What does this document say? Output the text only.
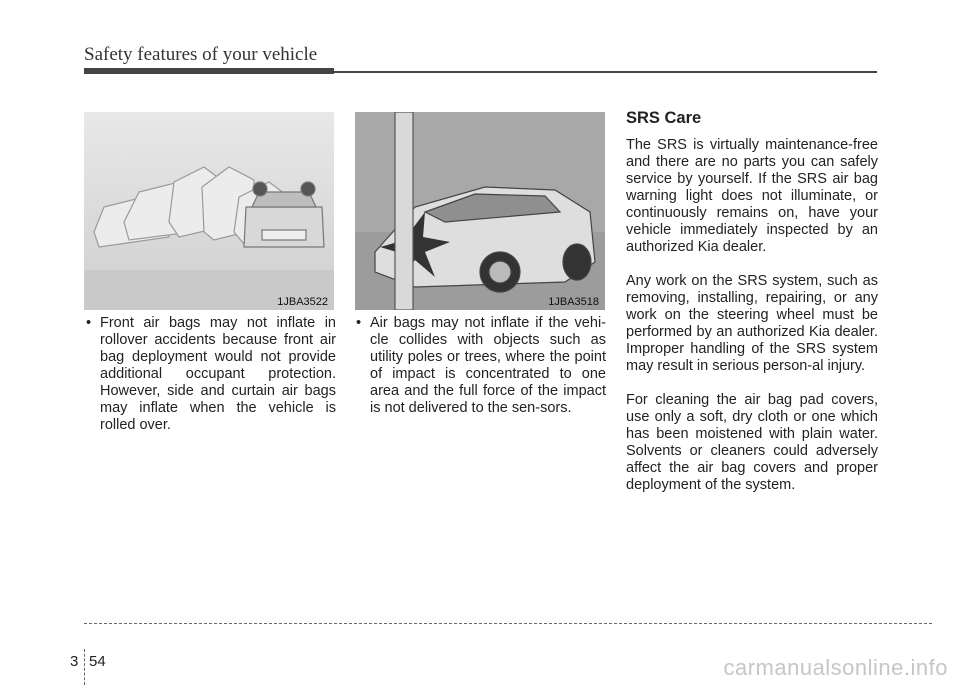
Safety features of your vehicle
1JBA3522	1JBA3518
• Front air bags may not inflate in rollover accidents because front air bag deployment would not provide additional occupant protection. However, side and curtain air bags may inflate when the vehicle is rolled over.
• Air bags may not inflate if the vehi-cle collides with objects such as utility poles or trees, where the point of impact is concentrated to one area and the full force of the impact is not delivered to the sen-sors.
SRS Care

The SRS is virtually maintenance-free and there are no parts you can safely service by yourself. If the SRS air bag warning light does not illuminate, or continuously remains on, have your vehicle immediately inspected by an authorized Kia dealer.

Any work on the SRS system, such as removing, installing, repairing, or any work on the steering wheel must be performed by an authorized Kia dealer. Improper handling of the SRS system may result in serious person-al injury.

For cleaning the air bag pad covers, use only a soft, dry cloth or one which has been moistened with plain water. Solvents or cleaners could adversely affect the air bag covers and proper deployment of the system.

3 54	carmanualsonline.info
